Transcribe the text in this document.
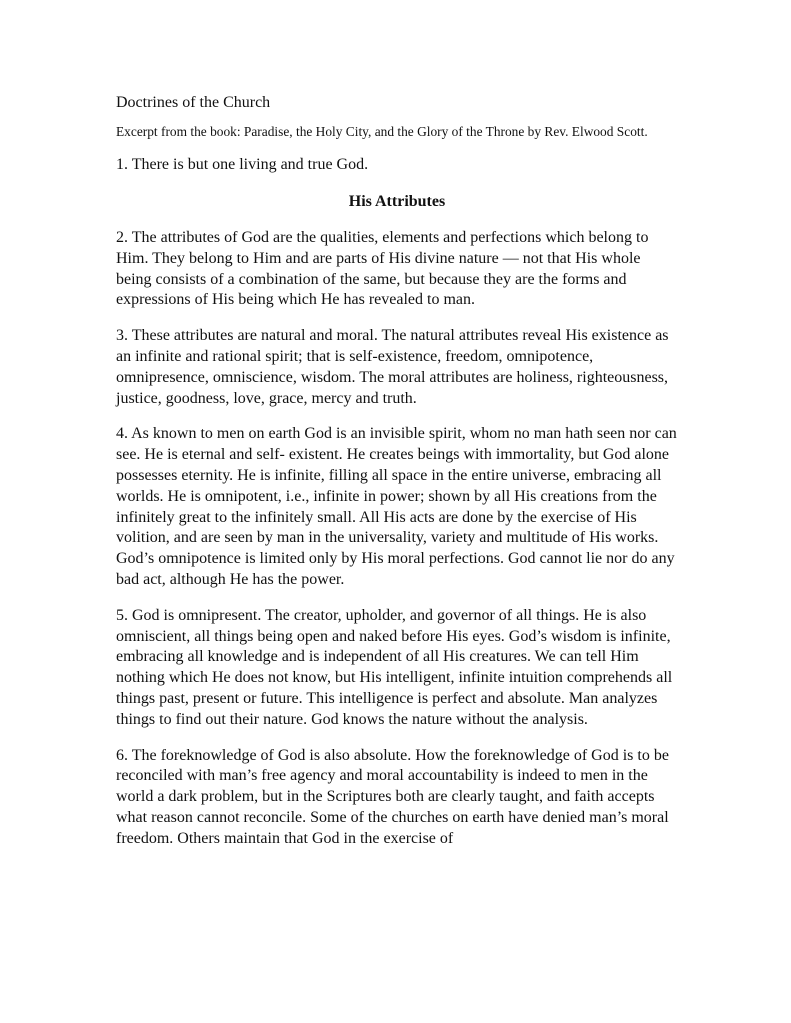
Doctrines of the Church

Excerpt from the book: Paradise, the Holy City, and the Glory of the Throne by Rev. Elwood Scott.

1. There is but one living and true God.

His Attributes

2. The attributes of God are the qualities, elements and perfections which belong to Him. They belong to Him and are parts of His divine nature — not that His whole being consists of a combination of the same, but because they are the forms and expressions of His being which He has revealed to man.

3. These attributes are natural and moral. The natural attributes reveal His existence as an infinite and rational spirit; that is self-existence, freedom, omnipotence, omnipresence, omniscience, wisdom. The moral attributes are holiness, righteousness, justice, goodness, love, grace, mercy and truth.

4. As known to men on earth God is an invisible spirit, whom no man hath seen nor can see. He is eternal and self- existent. He creates beings with immortality, but God alone possesses eternity. He is infinite, filling all space in the entire universe, embracing all worlds. He is omnipotent, i.e., infinite in power; shown by all His creations from the infinitely great to the infinitely small. All His acts are done by the exercise of His volition, and are seen by man in the universality, variety and multitude of His works. God’s omnipotence is limited only by His moral perfections. God cannot lie nor do any bad act, although He has the power.

5. God is omnipresent. The creator, upholder, and governor of all things. He is also omniscient, all things being open and naked before His eyes. God’s wisdom is infinite, embracing all knowledge and is independent of all His creatures. We can tell Him nothing which He does not know, but His intelligent, infinite intuition comprehends all things past, present or future. This intelligence is perfect and absolute. Man analyzes things to find out their nature. God knows the nature without the analysis.

6. The foreknowledge of God is also absolute. How the foreknowledge of God is to be reconciled with man’s free agency and moral accountability is indeed to men in the world a dark problem, but in the Scriptures both are clearly taught, and faith accepts what reason cannot reconcile. Some of the churches on earth have denied man’s moral freedom. Others maintain that God in the exercise of
